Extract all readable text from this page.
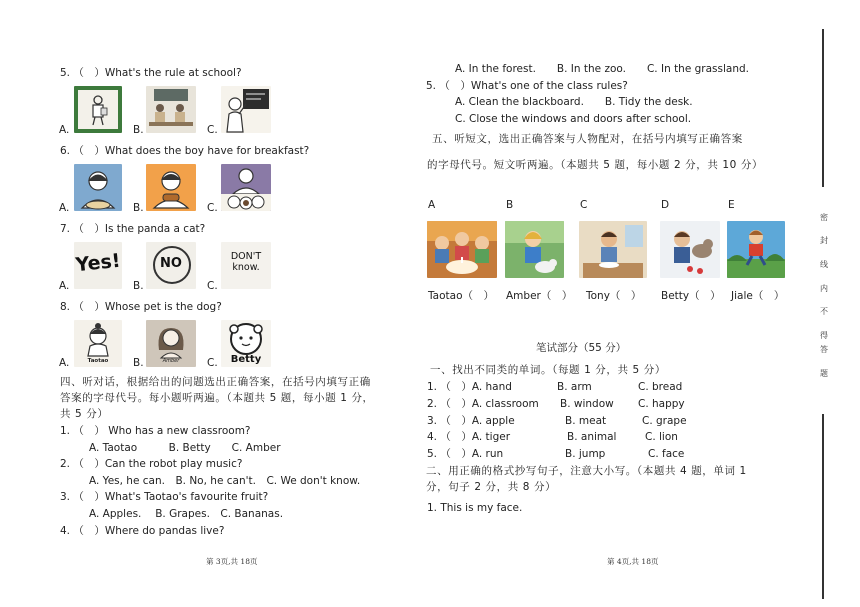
5. （　）What's the rule at school?
A.	B.	C.
6. （　）What does the boy have for breakfast?
A.	B.	C.
7. （　）Is the panda a cat?
A.
Yes!
B.
NO
C.
DON'T
know.
8. （　）Whose pet is the dog?
A.	Taotao	B.	Amber	C.	Betty
四、听对话，根据给出的问题选出正确答案，在括号内填写正确
答案的字母代号。每小题听两遍。（本题共 5 题，每小题 1 分，
共 5 分）
1. （　） Who has a new classroom?
A. Taotao　　　B. Betty　　C. Amber
2. （　）Can the robot play music?
A. Yes, he can.　B. No, he can't.　C. We don't know.
3. （　）What's Taotao's favourite fruit?
A. Apples.　 B. Grapes.　C. Bananas.
4. （　）Where do pandas live?
第 3页,共 18页
A. In the forest.　　B. In the zoo.　　C. In the grassland.
5. （　）What's one of the class rules?
A. Clean the blackboard.　　B. Tidy the desk.
C. Close the windows and doors after school.
五、听短文，选出正确答案与人物配对，在括号内填写正确答案
的字母代号。短文听两遍。（本题共 5 题，每小题 2 分，共 10 分）
A	B	C	D	E
Taotao（　） Amber（　） Tony（　） Betty（　） Jiale（　）
笔试部分（55 分）
一、找出不同类的单词。（每题 1 分，共 5 分）
1. （　）A. hand	B. arm	C. bread
2. （　）A. classroom B. window C. happy
3. （　）A. apple	B. meat	C. grape
4. （　）A. tiger	B. animal	C. lion
5. （　）A. run	B. jump	C. face
二、用正确的格式抄写句子，注意大小写。（本题共 4 题，单词 1
分，句子 2 分，共 8 分）
1. This is my face.
第 4页,共 18页
密
封
线
内
不
得
答
题
